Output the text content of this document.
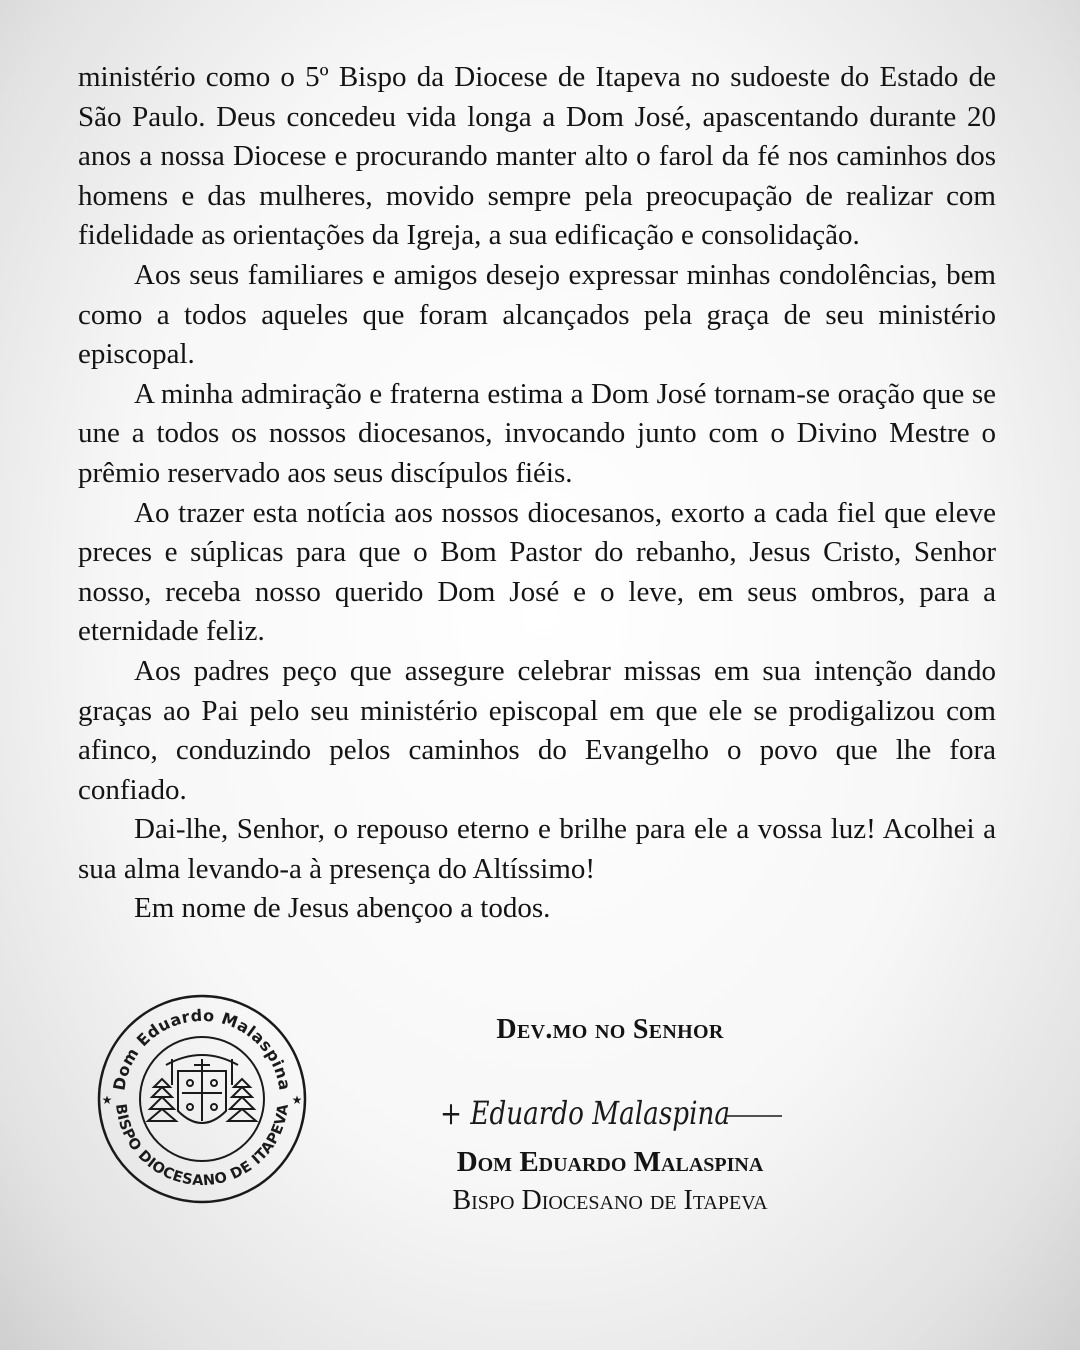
ministério como o 5º Bispo da Diocese de Itapeva no sudoeste do Estado de São Paulo. Deus concedeu vida longa a Dom José, apascentando durante 20 anos a nossa Diocese e procurando manter alto o farol da fé nos caminhos dos homens e das mulheres, movido sempre pela preocupação de realizar com fidelidade as orientações da Igreja, a sua edificação e consolidação.

Aos seus familiares e amigos desejo expressar minhas condolências, bem como a todos aqueles que foram alcançados pela graça de seu ministério episcopal.

A minha admiração e fraterna estima a Dom José tornam-se oração que se une a todos os nossos diocesanos, invocando junto com o Divino Mestre o prêmio reservado aos seus discípulos fiéis.

Ao trazer esta notícia aos nossos diocesanos, exorto a cada fiel que eleve preces e súplicas para que o Bom Pastor do rebanho, Jesus Cristo, Senhor nosso, receba nosso querido Dom José e o leve, em seus ombros, para a eternidade feliz.

Aos padres peço que assegure celebrar missas em sua intenção dando graças ao Pai pelo seu ministério episcopal em que ele se prodigalizou com afinco, conduzindo pelos caminhos do Evangelho o povo que lhe fora confiado.

Dai-lhe, Senhor, o repouso eterno e brilhe para ele a vossa luz! Acolhei a sua alma levando-a à presença do Altíssimo!

Em nome de Jesus abençoo a todos.

Dom Eduardo Malaspina
BISPO DIOCESANO DE ITAPEVA
★	★
Dev.mo no Senhor
+ Eduardo Malaspina
Dom Eduardo Malaspina
Bispo Diocesano de Itapeva
